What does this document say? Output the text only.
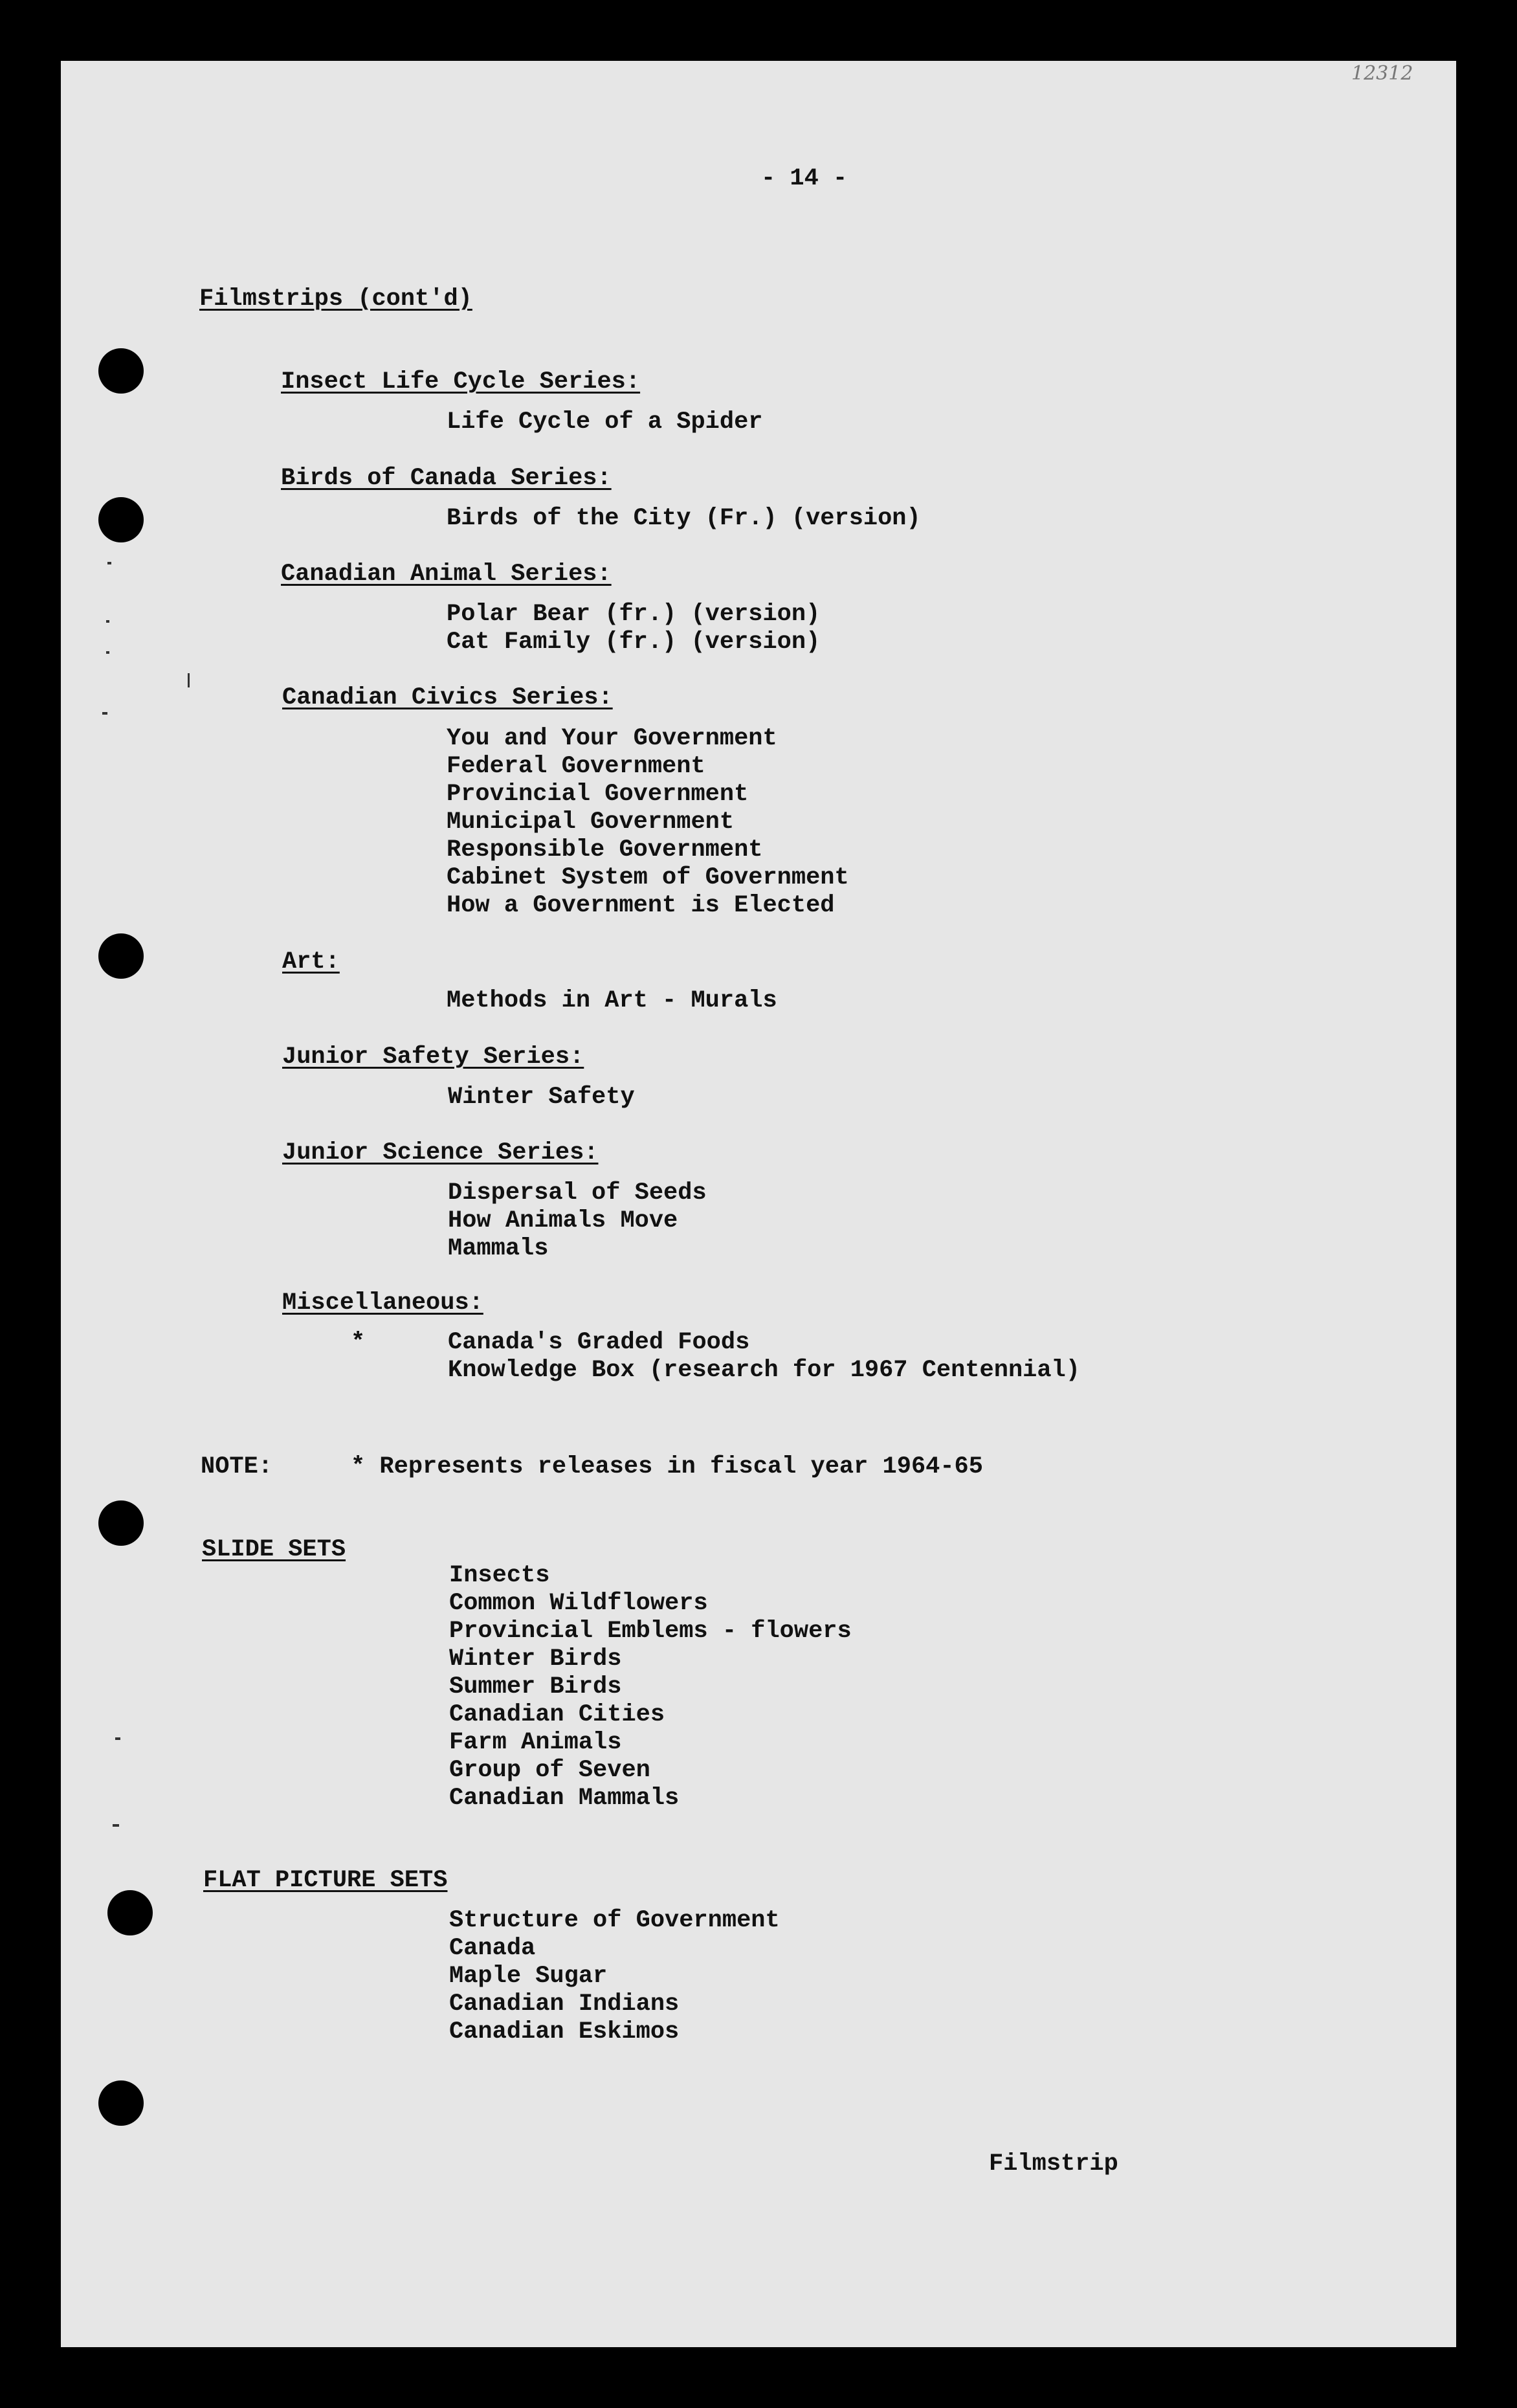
12312
- 14 -
Filmstrips (cont'd)
Insect Life Cycle Series:
Life Cycle of a Spider
Birds of Canada Series:
Birds of the City (Fr.) (version)
Canadian Animal Series:
Polar Bear (fr.) (version)
Cat Family (fr.) (version)
Canadian Civics Series:
You and Your Government
Federal Government
Provincial Government
Municipal Government
Responsible Government
Cabinet System of Government
How a Government is Elected
Art:
Methods in Art - Murals
Junior Safety Series:
Winter Safety
Junior Science Series:
Dispersal of Seeds
How Animals Move
Mammals
Miscellaneous:
*	Canada's Graded Foods
Knowledge Box (research for 1967 Centennial)
NOTE:	* Represents releases in fiscal year 1964-65
SLIDE SETS
Insects
Common Wildflowers
Provincial Emblems - flowers
Winter Birds
Summer Birds
Canadian Cities
Farm Animals
Group of Seven
Canadian Mammals
FLAT PICTURE SETS
Structure of Government
Canada
Maple Sugar
Canadian Indians
Canadian Eskimos
Filmstrip
